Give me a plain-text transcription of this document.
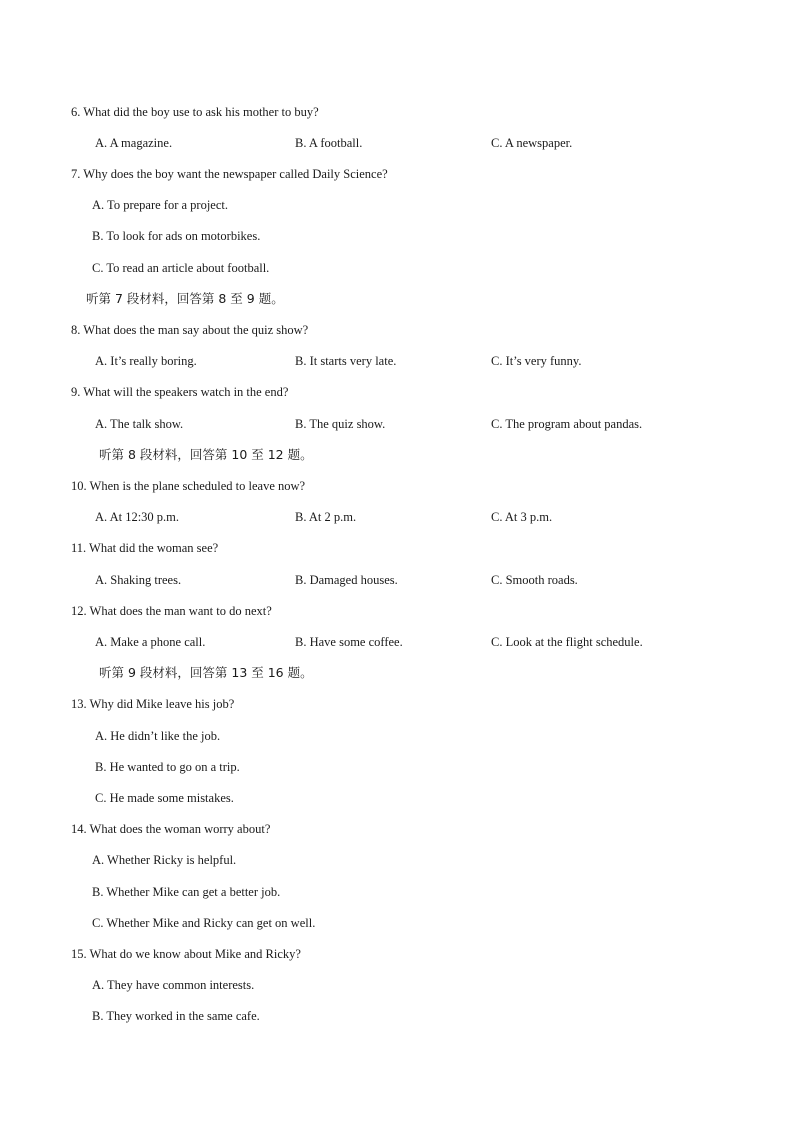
6. What did the boy use to ask his mother to buy?
A. A magazine.	B. A football.	C. A newspaper.
7. Why does the boy want the newspaper called Daily Science?
A. To prepare for a project.
B. To look for ads on motorbikes.
C. To read an article about football.
听第 7 段材料，回答第 8 至 9 题。
8. What does the man say about the quiz show?
A. It’s really boring.	B. It starts very late.	C. It’s very funny.
9. What will the speakers watch in the end?
A. The talk show.	B. The quiz show.	C. The program about pandas.
听第 8 段材料，回答第 10 至 12 题。
10. When is the plane scheduled to leave now?
A. At 12:30 p.m.	B. At 2 p.m.	C. At 3 p.m.
11. What did the woman see?
A. Shaking trees.	B. Damaged houses.	C. Smooth roads.
12. What does the man want to do next?
A. Make a phone call.	B. Have some coffee.	C. Look at the flight schedule.
听第 9 段材料，回答第 13 至 16 题。
13. Why did Mike leave his job?
A. He didn’t like the job.
B. He wanted to go on a trip.
C. He made some mistakes.
14. What does the woman worry about?
A. Whether Ricky is helpful.
B. Whether Mike can get a better job.
C. Whether Mike and Ricky can get on well.
15. What do we know about Mike and Ricky?
A. They have common interests.
B. They worked in the same cafe.
